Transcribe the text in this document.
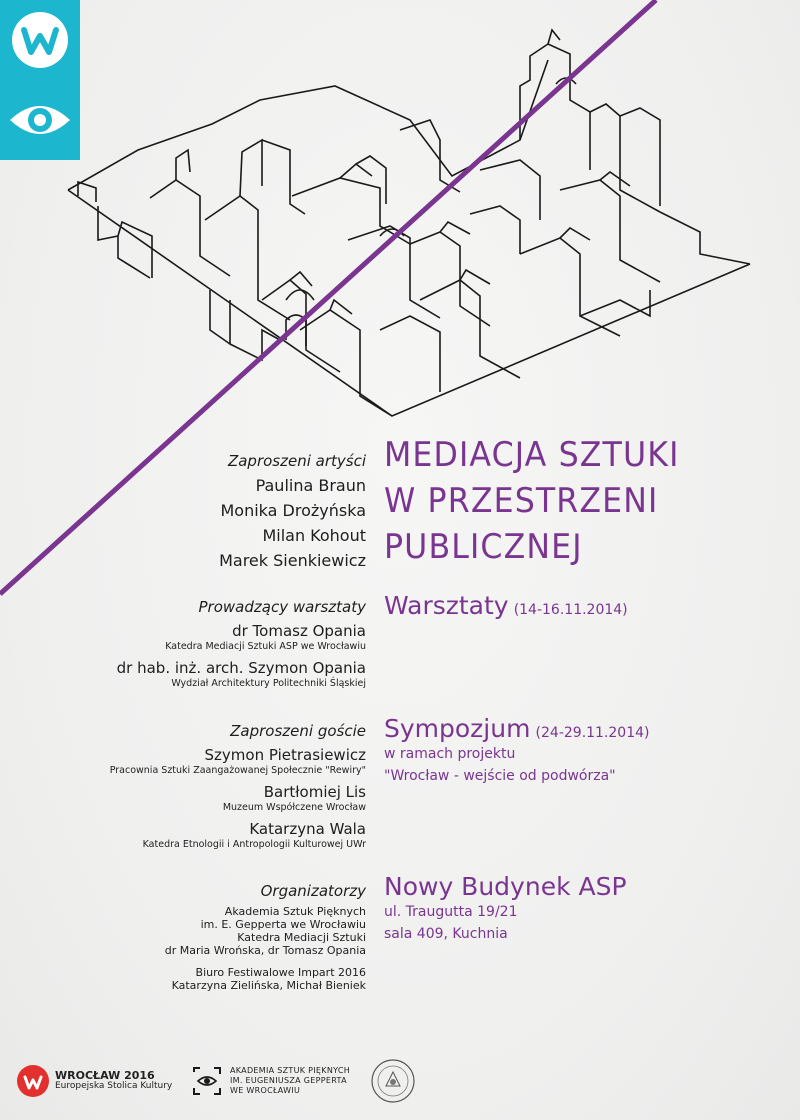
MEDIACJA SZTUKI
W PRZESTRZENI
PUBLICZNEJ
Zaproszeni artyści
Paulina Braun
Monika Drożyńska
Milan Kohout
Marek Sienkiewicz
Warsztaty (14-16.11.2014)
Prowadzący warsztaty
dr Tomasz Opania
Katedra Mediacji Sztuki ASP we Wrocławiu
dr hab. inż. arch. Szymon Opania
Wydział Architektury Politechniki Śląskiej
Sympozjum (24-29.11.2014)
w ramach projektu
"Wrocław - wejście od podwórza"
Zaproszeni goście
Szymon Pietrasiewicz
Pracownia Sztuki Zaangażowanej Społecznie "Rewiry"
Bartłomiej Lis
Muzeum Współczene Wrocław
Katarzyna Wala
Katedra Etnologii i Antropologii Kulturowej UWr
Nowy Budynek ASP
ul. Traugutta 19/21
sala 409, Kuchnia
Organizatorzy
Akademia Sztuk Pięknych
im. E. Gepperta we Wrocławiu
Katedra Mediacji Sztuki
dr Maria Wrońska, dr Tomasz Opania
Biuro Festiwalowe Impart 2016
Katarzyna Zielińska, Michał Bieniek
WROCŁAW 2016
Europejska Stolica Kultury
AKADEMIA SZTUK PIĘKNYCH
IM. EUGENIUSZA GEPPERTA
WE WROCŁAWIU
